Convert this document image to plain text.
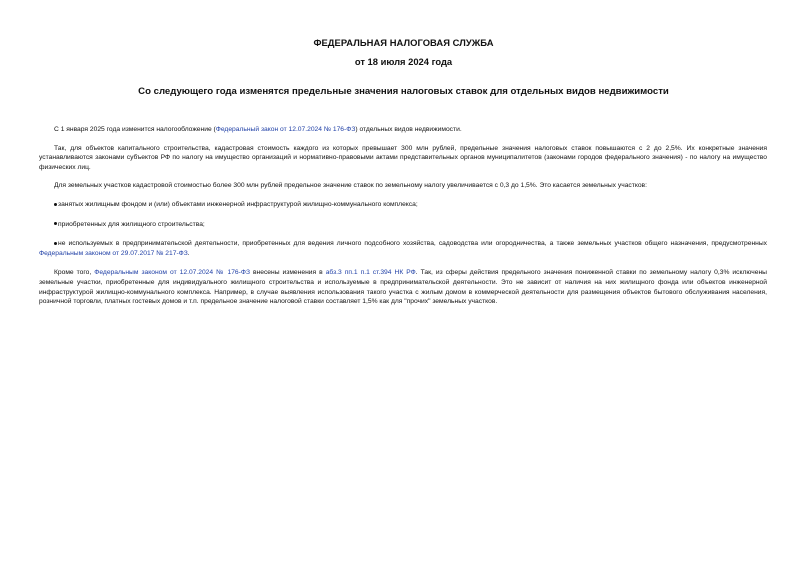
ФЕДЕРАЛЬНАЯ НАЛОГОВАЯ СЛУЖБА
от 18 июля 2024 года
Со следующего года изменятся предельные значения налоговых ставок для отдельных видов недвижимости

С 1 января 2025 года изменится налогообложение (Федеральный закон от 12.07.2024 № 176-ФЗ) отдельных видов недвижимости.

Так, для объектов капитального строительства, кадастровая стоимость каждого из которых превышает 300 млн рублей, предельные значения налоговых ставок повышаются с 2 до 2,5%. Их конкретные значения устанавливаются законами субъектов РФ по налогу на имущество организаций и нормативно-правовыми актами представительных органов муниципалитетов (законами городов федерального значения) - по налогу на имущество физических лиц.

Для земельных участков кадастровой стоимостью более 300 млн рублей предельное значение ставок по земельному налогу увеличивается с 0,3 до 1,5%. Это касается земельных участков:

занятых жилищным фондом и (или) объектами инженерной инфраструктурой жилищно-коммунального комплекса;

приобретенных для жилищного строительства;

не используемых в предпринимательской деятельности, приобретенных для ведения личного подсобного хозяйства, садоводства или огородничества, а также земельных участков общего назначения, предусмотренных Федеральным законом от 29.07.2017 № 217-ФЗ.

Кроме того, Федеральным законом от 12.07.2024 № 176-ФЗ внесены изменения в абз.3 пп.1 п.1 ст.394 НК РФ. Так, из сферы действия предельного значения пониженной ставки по земельному налогу 0,3% исключены земельные участки, приобретенные для индивидуального жилищного строительства и используемые в предпринимательской деятельности. Это не зависит от наличия на них жилищного фонда или объектов инженерной инфраструктурой жилищно-коммунального комплекса. Например, в случае выявления использования такого участка с жилым домом в коммерческой деятельности для размещения объектов бытового обслуживания населения, розничной торговли, платных гостевых домов и т.п. предельное значение налоговой ставки составляет 1,5% как для "прочих" земельных участков.
